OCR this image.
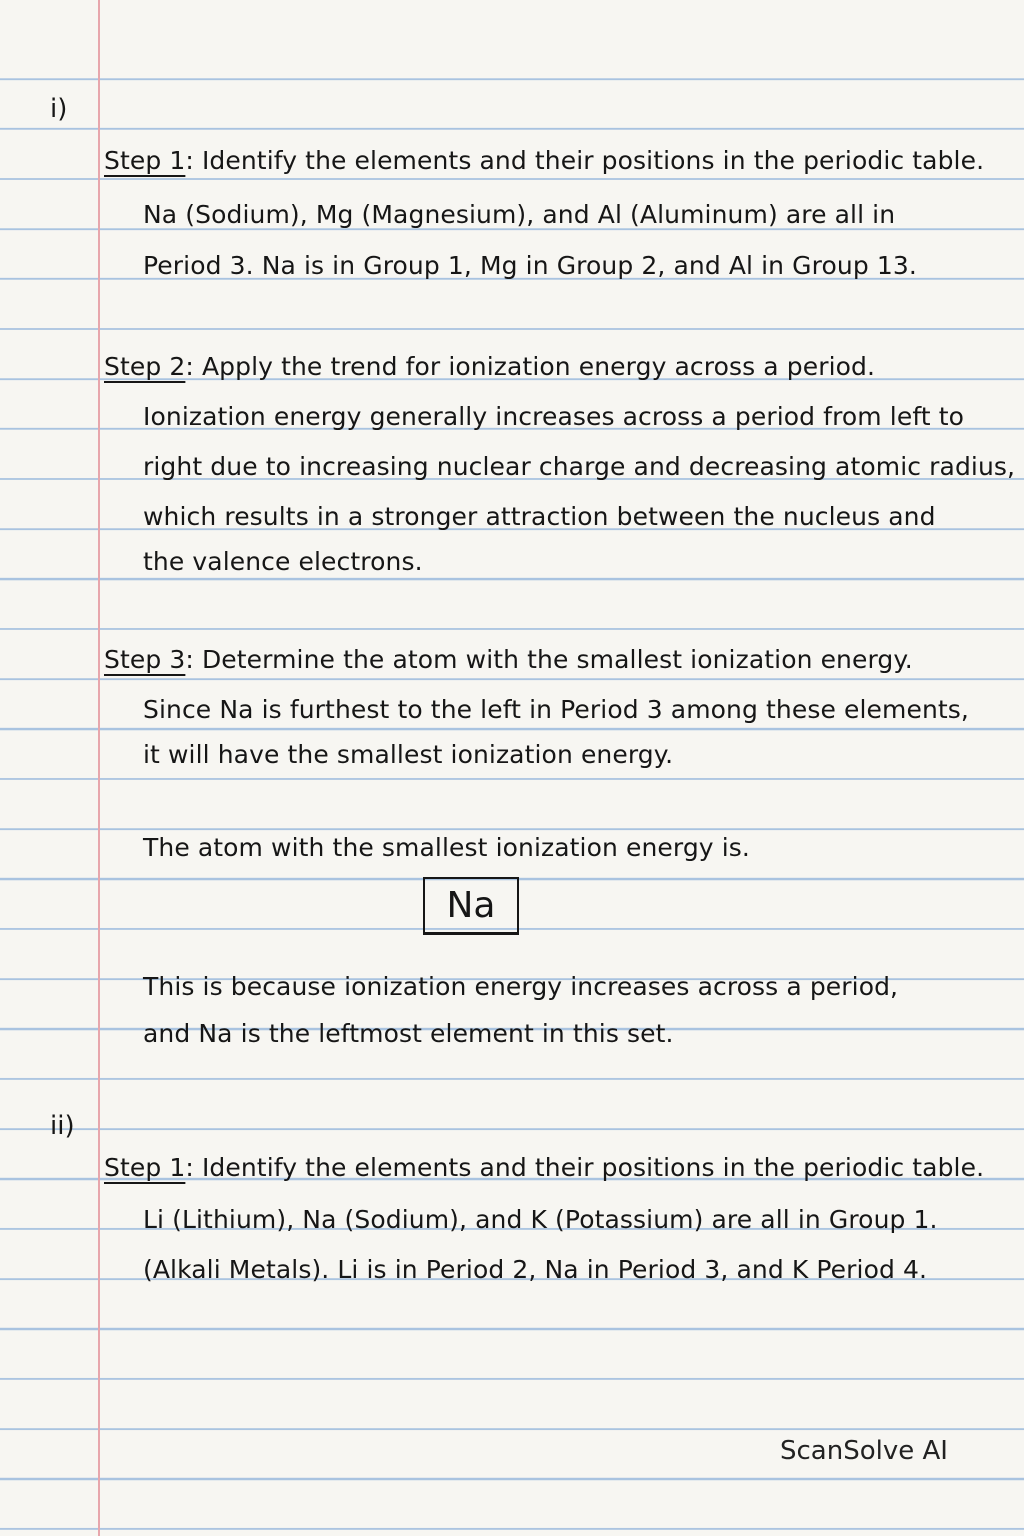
i)
Step 1: Identify the elements and their positions in the periodic table.
Na (Sodium), Mg (Magnesium), and Al (Aluminum) are all in
Period 3. Na is in Group 1, Mg in Group 2, and Al in Group 13.
Step 2: Apply the trend for ionization energy across a period.
Ionization energy generally increases across a period from left to
right due to increasing nuclear charge and decreasing atomic radius,
which results in a stronger attraction between the nucleus and
the valence electrons.
Step 3: Determine the atom with the smallest ionization energy.
Since Na is furthest to the left in Period 3 among these elements,
it will have the smallest ionization energy.
The atom with the smallest ionization energy is.
Na
This is because ionization energy increases across a period,
and Na is the leftmost element in this set.
ii)
Step 1: Identify the elements and their positions in the periodic table.
Li (Lithium), Na (Sodium), and K (Potassium) are all in Group 1.
(Alkali Metals). Li is in Period 2, Na in Period 3, and K Period 4.
ScanSolve AI
